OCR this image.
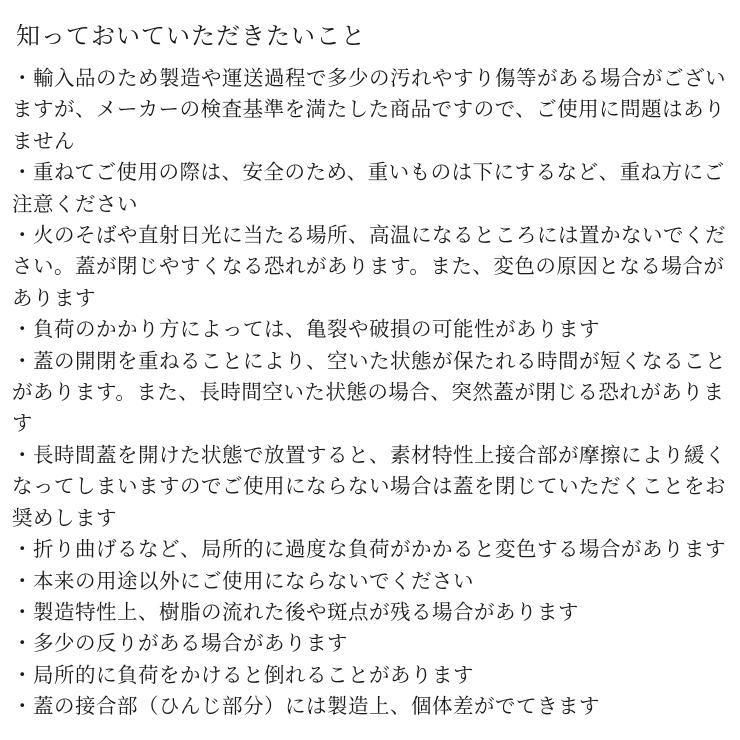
知っておいていただきたいこと
・輸入品のため製造や運送過程で多少の汚れやすり傷等がある場合がございますが、メーカーの検査基準を満たした商品ですので、ご使用に問題はありません
・重ねてご使用の際は、安全のため、重いものは下にするなど、重ね方にご注意ください
・火のそばや直射日光に当たる場所、高温になるところには置かないでください。蓋が閉じやすくなる恐れがあります。また、変色の原因となる場合があります
・負荷のかかり方によっては、亀裂や破損の可能性があります
・蓋の開閉を重ねることにより、空いた状態が保たれる時間が短くなることがあります。また、長時間空いた状態の場合、突然蓋が閉じる恐れがあります
・長時間蓋を開けた状態で放置すると、素材特性上接合部が摩擦により緩くなってしまいますのでご使用にならない場合は蓋を閉じていただくことをお奨めします
・折り曲げるなど、局所的に過度な負荷がかかると変色する場合があります
・本来の用途以外にご使用にならないでください
・製造特性上、樹脂の流れた後や斑点が残る場合があります
・多少の反りがある場合があります
・局所的に負荷をかけると倒れることがあります
・蓋の接合部（ひんじ部分）には製造上、個体差がでてきます
